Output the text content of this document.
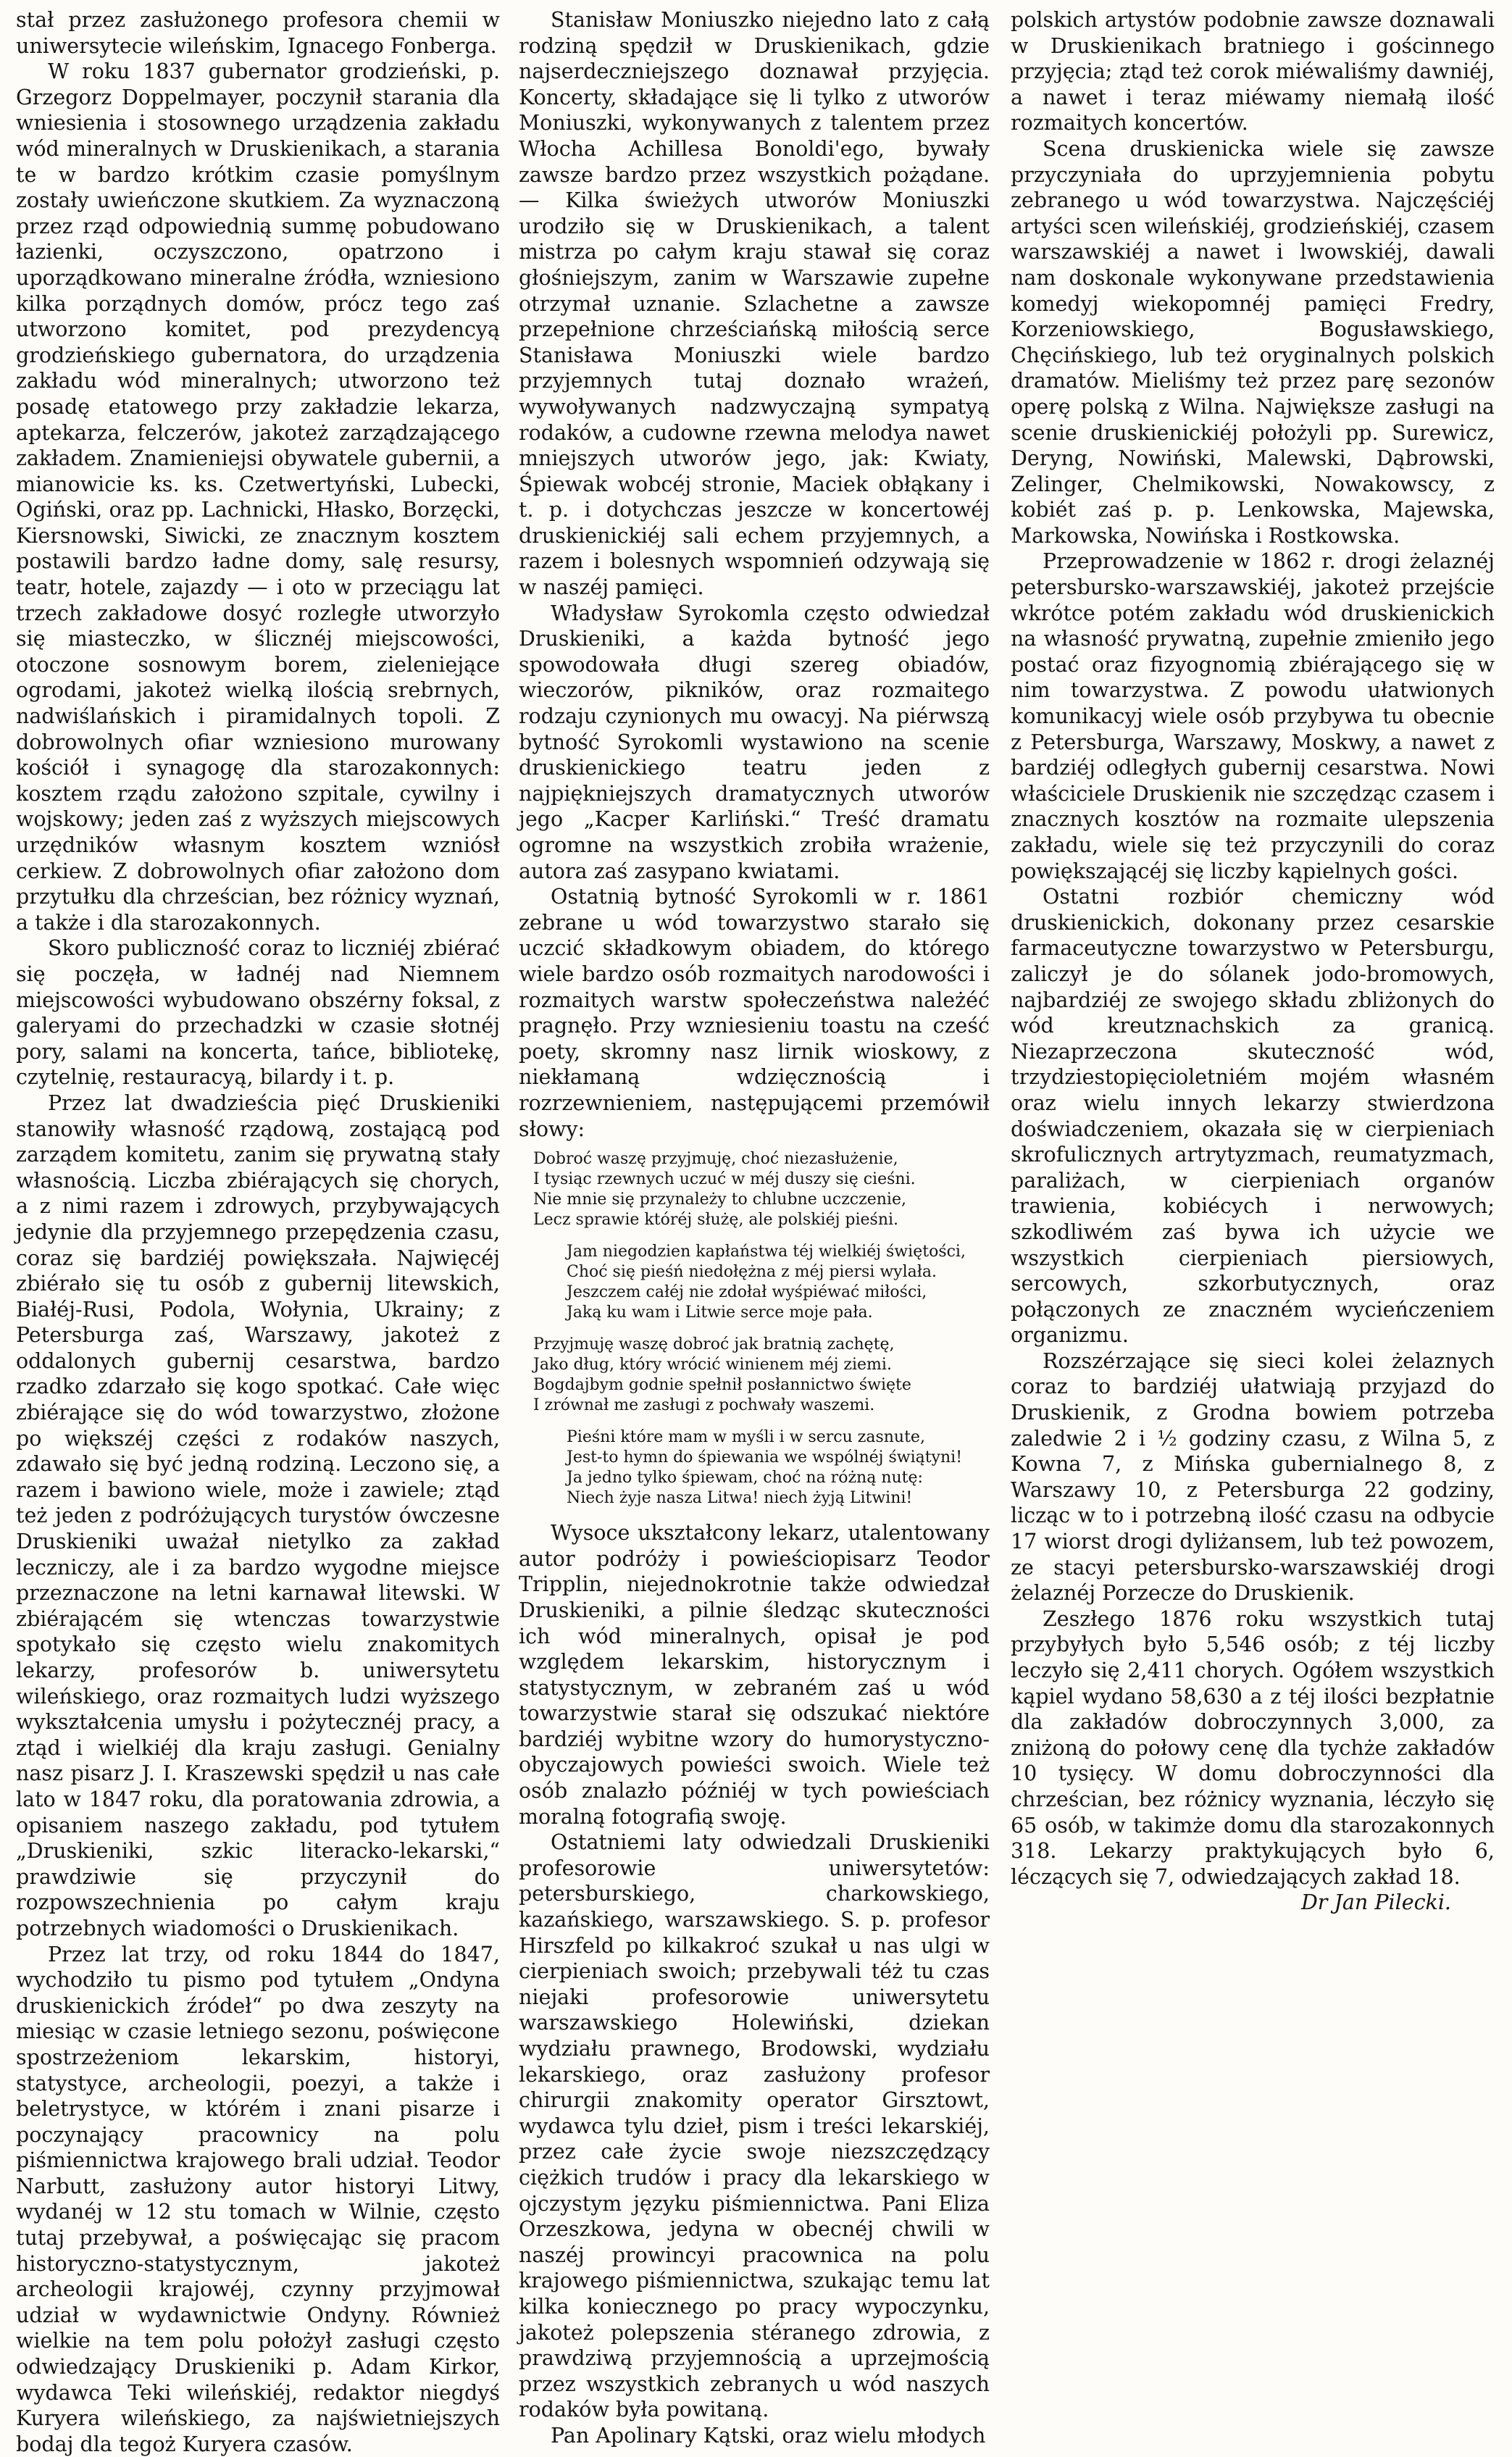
stał przez zasłużonego profesora chemii w uniwersytecie wileńskim, Ignacego Fonberga.

W roku 1837 gubernator grodzieński, p. Grzegorz Doppelmayer, poczynił starania dla wniesienia i stosownego urządzenia zakładu wód mineralnych w Druskienikach, a starania te w bardzo krótkim czasie pomyślnym zostały uwieńczone skutkiem. Za wyznaczoną przez rząd odpowiednią summę pobudowano łazienki, oczyszczono, opatrzono i uporządkowano mineralne źródła, wzniesiono kilka porządnych domów, prócz tego zaś utworzono komitet, pod prezydencyą grodzieńskiego gubernatora, do urządzenia zakładu wód mineralnych; utworzono też posadę etatowego przy zakładzie lekarza, aptekarza, felczerów, jakoteż zarządzającego zakładem. Znamieniejsi obywatele gubernii, a mianowicie ks. ks. Czetwertyński, Lubecki, Ogiński, oraz pp. Lachnicki, Hłasko, Borzęcki, Kiersnowski, Siwicki, ze znacznym kosztem postawili bardzo ładne domy, salę resursy, teatr, hotele, zajazdy — i oto w przeciągu lat trzech zakładowe dosyć rozległe utworzyło się miasteczko, w ślicznéj miejscowości, otoczone sosnowym borem, zieleniejące ogrodami, jakoteż wielką ilością srebrnych, nadwiślańskich i piramidalnych topoli. Z dobrowolnych ofiar wzniesiono murowany kościół i synagogę dla starozakonnych: kosztem rządu założono szpitale, cywilny i wojskowy; jeden zaś z wyższych miejscowych urzędników własnym kosztem wzniósł cerkiew. Z dobrowolnych ofiar założono dom przytułku dla chrześcian, bez różnicy wyznań, a także i dla starozakonnych.

Skoro publiczność coraz to liczniéj zbiérać się poczęła, w ładnéj nad Niemnem miejscowości wybudowano obszérny foksal, z galeryami do przechadzki w czasie słotnéj pory, salami na koncerta, tańce, bibliotekę, czytelnię, restauracyą, bilardy i t. p.

Przez lat dwadzieścia pięć Druskieniki stanowiły własność rządową, zostającą pod zarządem komitetu, zanim się prywatną stały własnością. Liczba zbiérających się chorych, a z nimi razem i zdrowych, przybywających jedynie dla przyjemnego przepędzenia czasu, coraz się bardziéj powiększała. Najwięcéj zbiérało się tu osób z gubernij litewskich, Białéj-Rusi, Podola, Wołynia, Ukrainy; z Petersburga zaś, Warszawy, jakoteż z oddalonych gubernij cesarstwa, bardzo rzadko zdarzało się kogo spotkać. Całe więc zbiérające się do wód towarzystwo, złożone po większéj części z rodaków naszych, zdawało się być jedną rodziną. Leczono się, a razem i bawiono wiele, może i zawiele; ztąd też jeden z podróżujących turystów ówczesne Druskieniki uważał nietylko za zakład leczniczy, ale i za bardzo wygodne miejsce przeznaczone na letni karnawał litewski. W zbiérającém się wtenczas towarzystwie spotykało się często wielu znakomitych lekarzy, profesorów b. uniwersytetu wileńskiego, oraz rozmaitych ludzi wyższego wykształcenia umysłu i pożytecznéj pracy, a ztąd i wielkiéj dla kraju zasługi. Genialny nasz pisarz J. I. Kraszewski spędził u nas całe lato w 1847 roku, dla poratowania zdrowia, a opisaniem naszego zakładu, pod tytułem „Druskieniki, szkic literacko-lekarski,“ prawdziwie się przyczynił do rozpowszechnienia po całym kraju potrzebnych wiadomości o Druskienikach.

Przez lat trzy, od roku 1844 do 1847, wychodziło tu pismo pod tytułem „Ondyna druskienickich źródeł“ po dwa zeszyty na miesiąc w czasie letniego sezonu, poświęcone spostrzeżeniom lekarskim, historyi, statystyce, archeologii, poezyi, a także i beletrystyce, w którém i znani pisarze i poczynający pracownicy na polu piśmiennictwa krajowego brali udział. Teodor Narbutt, zasłużony autor historyi Litwy, wydanéj w 12 stu tomach w Wilnie, często tutaj przebywał, a poświęcając się pracom historyczno-statystycznym, jakoteż archeologii krajowéj, czynny przyjmował udział w wydawnictwie Ondyny. Również wielkie na tem polu położył zasługi często odwiedzający Druskieniki p. Adam Kirkor, wydawca Teki wileńskiéj, redaktor niegdyś Kuryera wileńskiego, za najświetniejszych bodaj dla tegoż Kuryera czasów.

Stanisław Moniuszko niejedno lato z całą rodziną spędził w Druskienikach, gdzie najserdeczniejszego doznawał przyjęcia. Koncerty, składające się li tylko z utworów Moniuszki, wykonywanych z talentem przez Włocha Achillesa Bonoldi'ego, bywały zawsze bardzo przez wszystkich pożądane. — Kilka świeżych utworów Moniuszki urodziło się w Druskienikach, a talent mistrza po całym kraju stawał się coraz głośniejszym, zanim w Warszawie zupełne otrzymał uznanie. Szlachetne a zawsze przepełnione chrześciańską miłością serce Stanisława Moniuszki wiele bardzo przyjemnych tutaj doznało wrażeń, wywoływanych nadzwyczajną sympatyą rodaków, a cudowne rzewna melodya nawet mniejszych utworów jego, jak: Kwiaty, Śpiewak wobcéj stronie, Maciek obłąkany i t. p. i dotychczas jeszcze w koncertowéj druskienickiéj sali echem przyjemnych, a razem i bolesnych wspomnień odzywają się w naszéj pamięci.

Władysław Syrokomla często odwiedzał Druskieniki, a każda bytność jego spowodowała długi szereg obiadów, wieczorów, pikników, oraz rozmaitego rodzaju czynionych mu owacyj. Na piérwszą bytność Syrokomli wystawiono na scenie druskienickiego teatru jeden z najpiękniejszych dramatycznych utworów jego „Kacper Karliński.“ Treść dramatu ogromne na wszystkich zrobiła wrażenie, autora zaś zasypano kwiatami.

Ostatnią bytność Syrokomli w r. 1861 zebrane u wód towarzystwo starało się uczcić składkowym obiadem, do którego wiele bardzo osób rozmaitych narodowości i rozmaitych warstw społeczeństwa należéć pragnęło. Przy wzniesieniu toastu na cześć poety, skromny nasz lirnik wioskowy, z niekłamaną wdzięcznością i rozrzewnieniem, następującemi przemówił słowy:

Dobroć waszę przyjmuję, choć niezasłużenie,
I tysiąc rzewnych uczuć w méj duszy się cieśni.
Nie mnie się przynależy to chlubne uczczenie,
Lecz sprawie któréj służę, ale polskiéj pieśni.
Jam niegodzien kapłaństwa téj wielkiéj świętości,
Choć się pieśń niedołężna z méj piersi wylała.
Jeszczem całéj nie zdołał wyśpiéwać miłości,
Jaką ku wam i Litwie serce moje pała.
Przyjmuję waszę dobroć jak bratnią zachętę,
Jako dług, który wrócić winienem méj ziemi.
Bogdajbym godnie spełnił posłannictwo święte
I zrównał me zasługi z pochwały waszemi.
Pieśni które mam w myśli i w sercu zasnute,
Jest-to hymn do śpiewania we wspólnéj świątyni!
Ja jedno tylko śpiewam, choć na różną nutę:
Niech żyje nasza Litwa! niech żyją Litwini!

Wysoce ukształcony lekarz, utalentowany autor podróży i powieściopisarz Teodor Tripplin, niejednokrotnie także odwiedzał Druskieniki, a pilnie śledząc skuteczności ich wód mineralnych, opisał je pod względem lekarskim, historycznym i statystycznym, w zebraném zaś u wód towarzystwie starał się odszukać niektóre bardziéj wybitne wzory do humorystyczno-obyczajowych powieści swoich. Wiele też osób znalazło późniéj w tych powieściach moralną fotografią swoję.

Ostatniemi laty odwiedzali Druskieniki profesorowie uniwersytetów: petersburskiego, charkowskiego, kazańskiego, warszawskiego. S. p. profesor Hirszfeld po kilkakroć szukał u nas ulgi w cierpieniach swoich; przebywali téż tu czas niejaki profesorowie uniwersytetu warszawskiego Holewiński, dziekan wydziału prawnego, Brodowski, wydziału lekarskiego, oraz zasłużony profesor chirurgii znakomity operator Girsztowt, wydawca tylu dzieł, pism i treści lekarskiéj, przez całe życie swoje niezszczędzący ciężkich trudów i pracy dla lekarskiego w ojczystym języku piśmiennictwa. Pani Eliza Orzeszkowa, jedyna w obecnéj chwili w naszéj prowincyi pracownica na polu krajowego piśmiennictwa, szukając temu lat kilka koniecznego po pracy wypoczynku, jakoteż polepszenia stéranego zdrowia, z prawdziwą przyjemnością a uprzejmością przez wszystkich zebranych u wód naszych rodaków była powitaną.

Pan Apolinary Kątski, oraz wielu młodych

polskich artystów podobnie zawsze doznawali w Druskienikach bratniego i gościnnego przyjęcia; ztąd też corok miéwaliśmy dawniéj, a nawet i teraz miéwamy niemałą ilość rozmaitych koncertów.

Scena druskienicka wiele się zawsze przyczyniała do uprzyjemnienia pobytu zebranego u wód towarzystwa. Najczęściéj artyści scen wileńskiéj, grodzieńskiéj, czasem warszawskiéj a nawet i lwowskiéj, dawali nam doskonale wykonywane przedstawienia komedyj wiekopomnéj pamięci Fredry, Korzeniowskiego, Bogusławskiego, Chęcińskiego, lub też oryginalnych polskich dramatów. Mieliśmy też przez parę sezonów operę polską z Wilna. Największe zasługi na scenie druskienickiéj położyli pp. Surewicz, Deryng, Nowiński, Malewski, Dąbrowski, Zelinger, Chelmikowski, Nowakowscy, z kobiét zaś p. p. Lenkowska, Majewska, Markowska, Nowińska i Rostkowska.

Przeprowadzenie w 1862 r. drogi żelaznéj petersbursko-warszawskiéj, jakoteż przejście wkrótce potém zakładu wód druskienickich na własność prywatną, zupełnie zmieniło jego postać oraz fizyognomią zbiérającego się w nim towarzystwa. Z powodu ułatwionych komunikacyj wiele osób przybywa tu obecnie z Petersburga, Warszawy, Moskwy, a nawet z bardziéj odległych gubernij cesarstwa. Nowi właściciele Druskienik nie szczędząc czasem i znacznych kosztów na rozmaite ulepszenia zakładu, wiele się też przyczynili do coraz powiększającéj się liczby kąpielnych gości.

Ostatni rozbiór chemiczny wód druskienickich, dokonany przez cesarskie farmaceutyczne towarzystwo w Petersburgu, zaliczył je do sólanek jodo-bromowych, najbardziéj ze swojego składu zbliżonych do wód kreutznachskich za granicą. Niezaprzeczona skuteczność wód, trzydziestopięcioletniém mojém własném oraz wielu innych lekarzy stwierdzona doświadczeniem, okazała się w cierpieniach skrofulicznych artrytyzmach, reumatyzmach, paraliżach, w cierpieniach organów trawienia, kobiécych i nerwowych; szkodliwém zaś bywa ich użycie we wszystkich cierpieniach piersiowych, sercowych, szkorbutycznych, oraz połączonych ze znaczném wycieńczeniem organizmu.

Rozszérzające się sieci kolei żelaznych coraz to bardziéj ułatwiają przyjazd do Druskienik, z Grodna bowiem potrzeba zaledwie 2 i ½ godziny czasu, z Wilna 5, z Kowna 7, z Mińska gubernialnego 8, z Warszawy 10, z Petersburga 22 godziny, licząc w to i potrzebną ilość czasu na odbycie 17 wiorst drogi dyliżansem, lub też powozem, ze stacyi petersbursko-warszawskiéj drogi żelaznéj Porzecze do Druskienik.

Zeszłego 1876 roku wszystkich tutaj przybyłych było 5,546 osób; z téj liczby leczyło się 2,411 chorych. Ogółem wszystkich kąpiel wydano 58,630 a z téj ilości bezpłatnie dla zakładów dobroczynnych 3,000, za zniżoną do połowy cenę dla tychże zakładów 10 tysięcy. W domu dobroczynności dla chrześcian, bez różnicy wyznania, léczyło się 65 osób, w takimże domu dla starozakonnych 318. Lekarzy praktykujących było 6, léczących się 7, odwiedzających zakład 18.

Dr Jan Pilecki.
